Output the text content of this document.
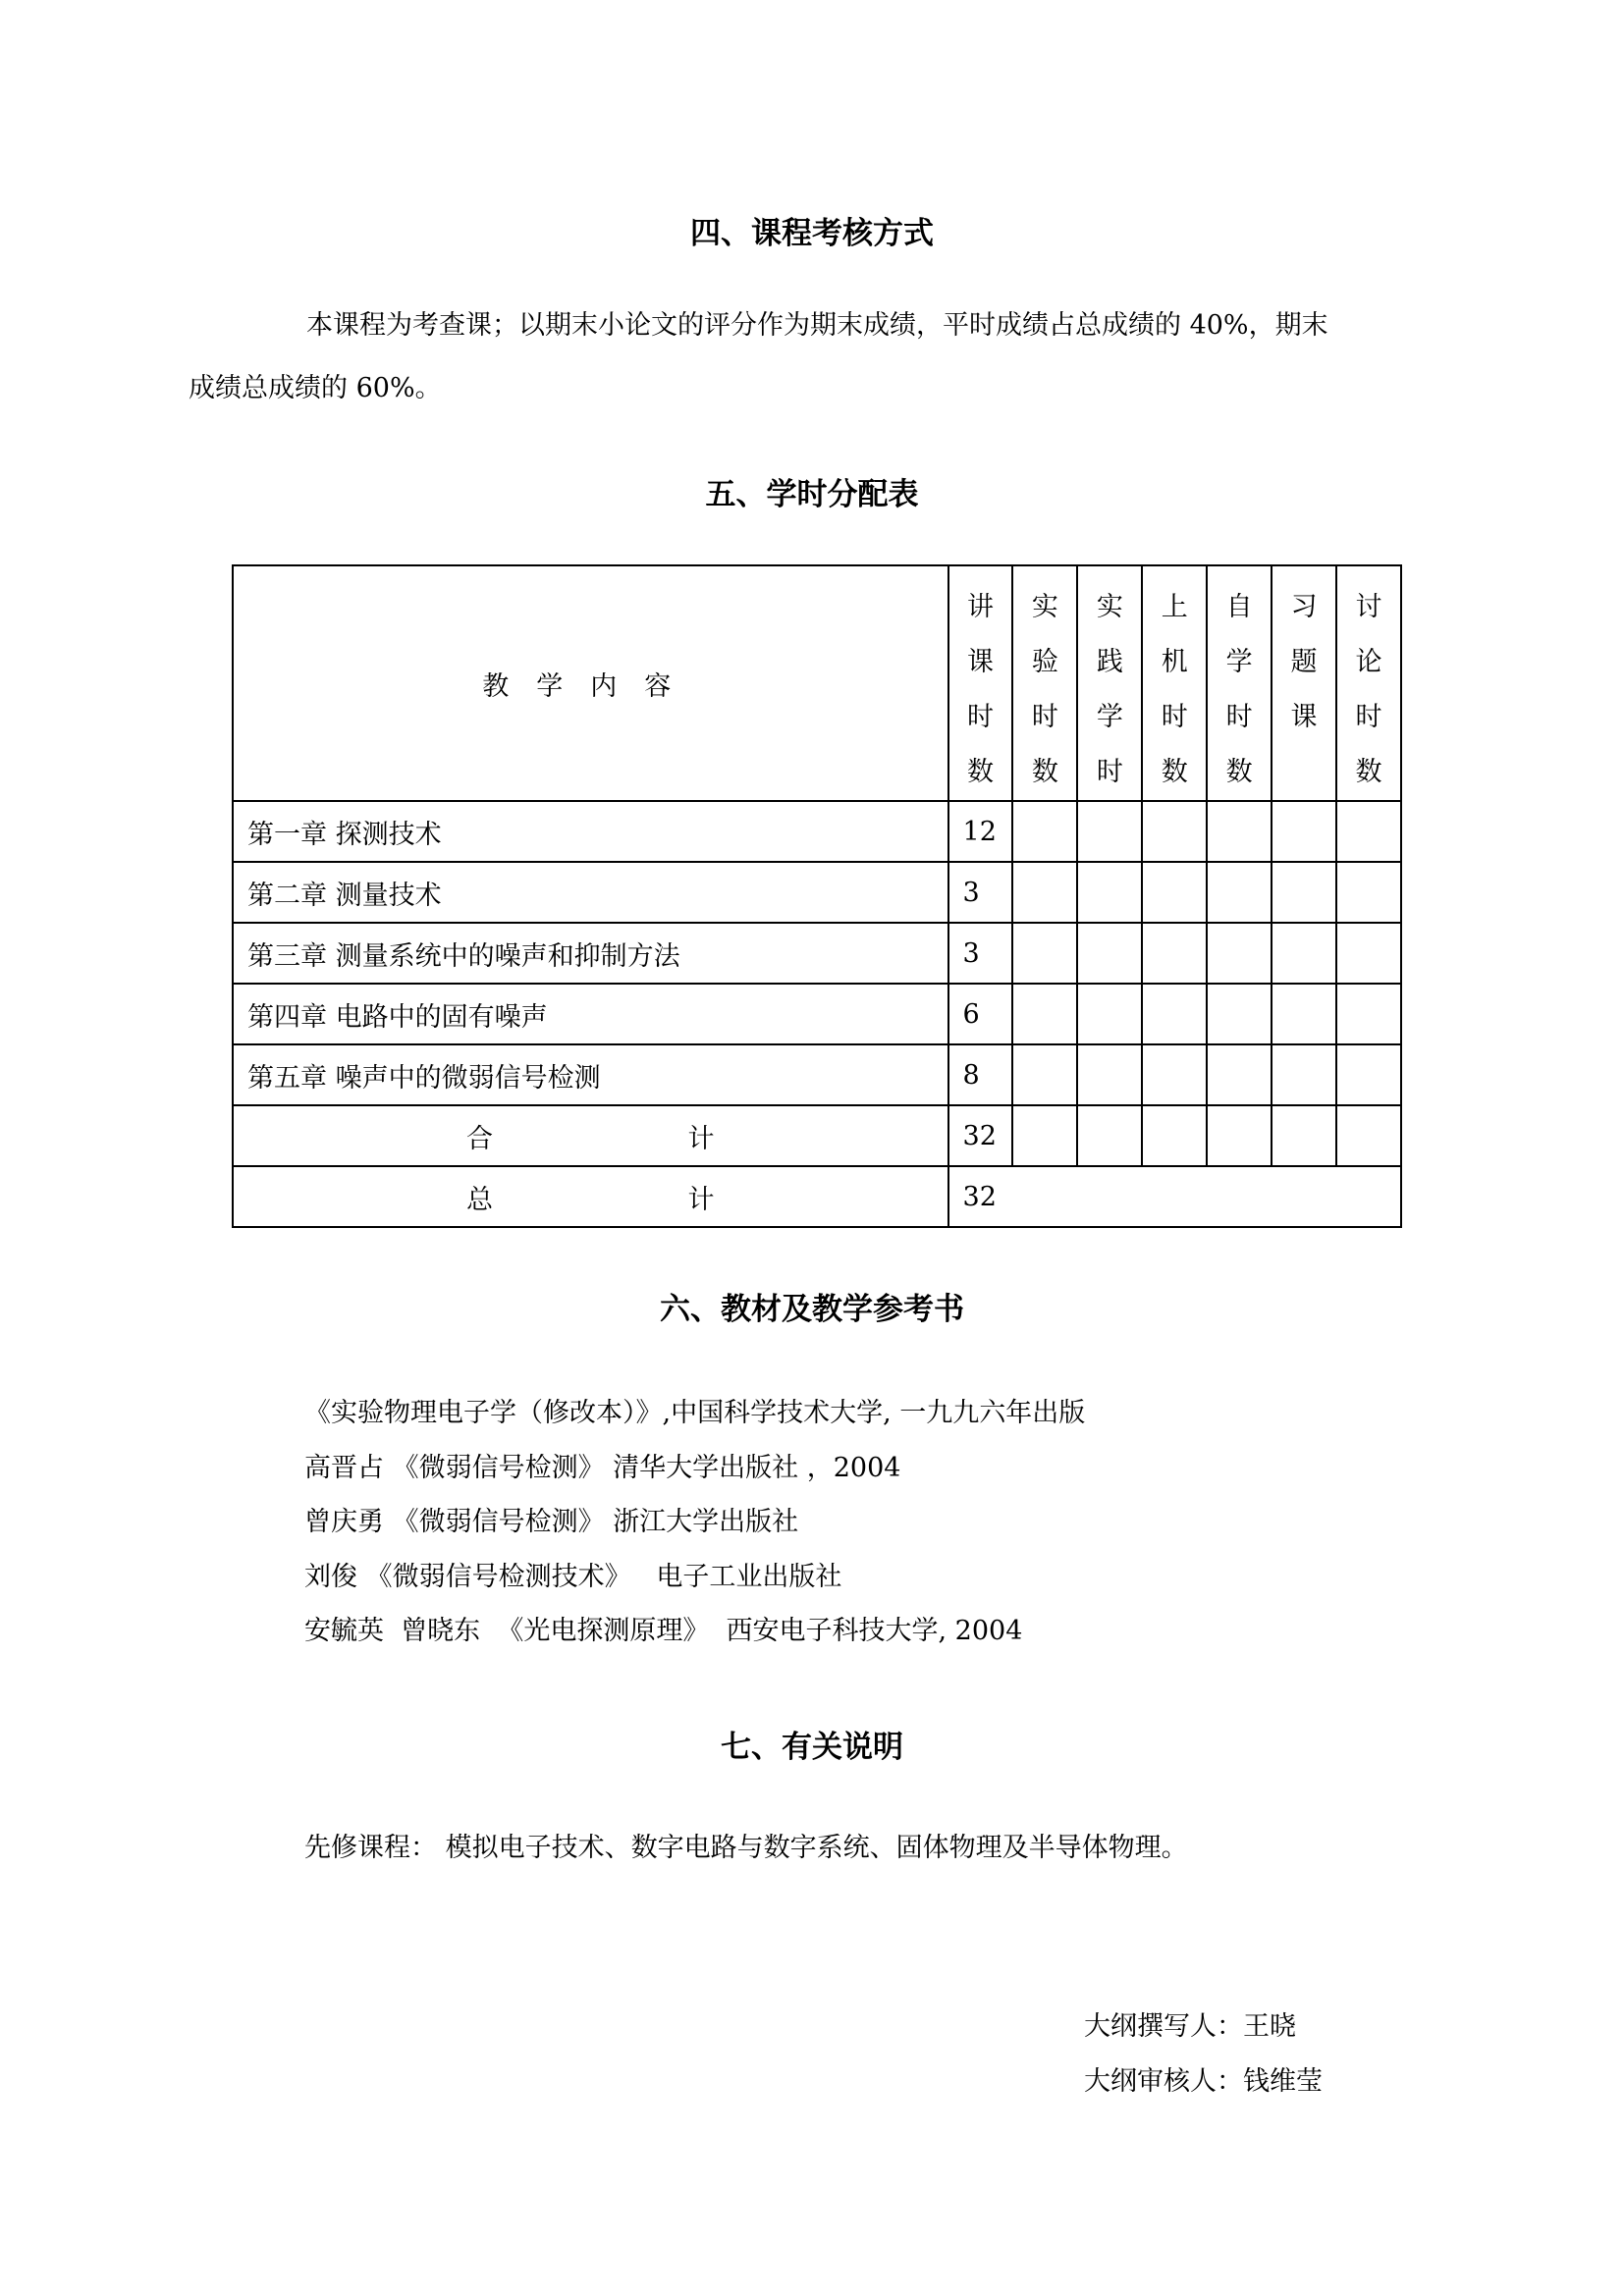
四、课程考核方式

本课程为考查课；以期末小论文的评分作为期末成绩，平时成绩占总成绩的 40%，期末
成绩总成绩的 60%。

五、学时分配表
教学内容	讲
课
时
数	实
验
时
数	实
践
学
时	上
机
时
数	自
学
时
数	习
题
课	讨
论
时
数

第一章 探测技术	12						
第二章 测量技术	3						
第三章 测量系统中的噪声和抑制方法	3						
第四章 电路中的固有噪声	6						
第五章 噪声中的微弱信号检测	8						
合 计	32						
总 计	32						
六、教材及教学参考书
《实验物理电子学（修改本）》,中国科学技术大学, 一九九六年出版
高晋占 《微弱信号检测》 清华大学出版社 ，2004
曾庆勇 《微弱信号检测》 浙江大学出版社
刘俊 《微弱信号检测技术》   电子工业出版社
安毓英  曾晓东  《光电探测原理》  西安电子科技大学, 2004
七、有关说明

先修课程： 模拟电子技术、数字电路与数字系统、固体物理及半导体物理。

大纲撰写人：王晓

大纲审核人：钱维莹
